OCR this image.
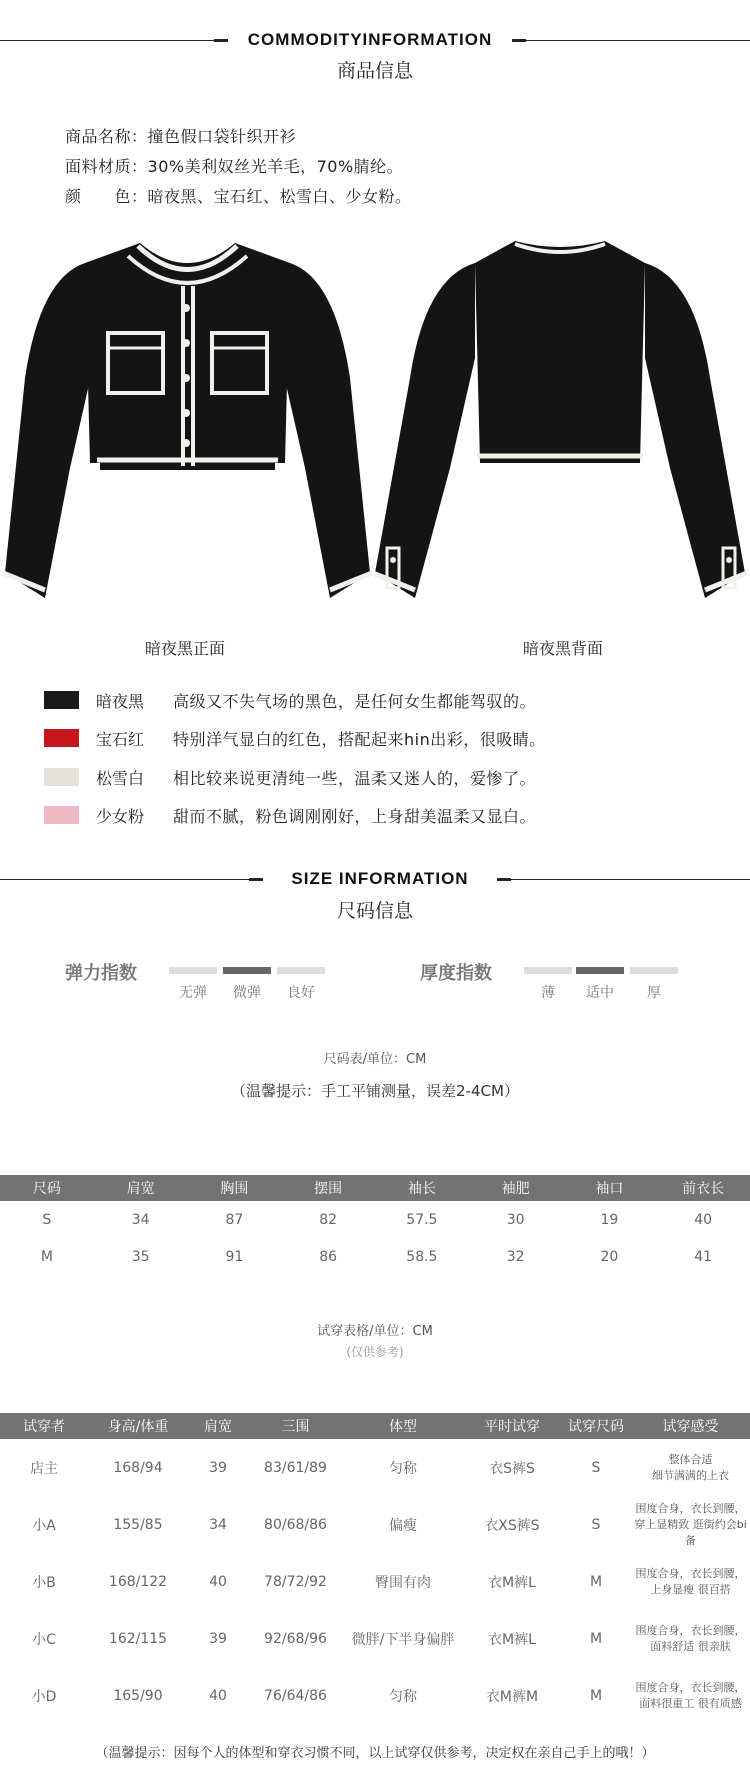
COMMODITYINFORMATION
商品信息
商品名称：撞色假口袋针织开衫
面料材质：30%美利奴丝光羊毛，70%腈纶。
颜　　色：暗夜黑、宝石红、松雪白、少女粉。
暗夜黑正面	暗夜黑背面
暗夜黑 高级又不失气场的黑色，是任何女生都能驾驭的。
宝石红 特别洋气显白的红色，搭配起来hin出彩，很吸睛。
松雪白 相比较来说更清纯一些，温柔又迷人的，爱惨了。
少女粉 甜而不腻，粉色调刚刚好，上身甜美温柔又显白。
SIZE INFORMATION
尺码信息
弹力指数
无弹	微弹	良好
厚度指数
薄	适中	厚
尺码表/单位：CM
（温馨提示：手工平铺测量，误差2-4CM）
尺码	肩宽	胸围	摆围	袖长	袖肥	袖口	前衣长
S	34	87	82	57.5	30	19	40
M	35	91	86	58.5	32	20	41
试穿表格/单位：CM
(仅供参考)
试穿者	身高/体重	肩宽	三围	体型	平时试穿	试穿尺码	试穿感受
店主	168/94	39	83/61/89	匀称	衣S裤S	S	整体合适
细节满满的上衣

小A	155/85	34	80/68/86	偏瘦	衣XS裤S	S	围度合身，衣长到腰，
穿上显精致 逛街约会bi备

小B	168/122	40	78/72/92	臀围有肉	衣M裤L	M	围度合身，衣长到腰，
上身显瘦 很百搭

小C	162/115	39	92/68/96	微胖/下半身偏胖	衣M裤L	M	围度合身，衣长到腰，
面料舒适 很亲肤

小D	165/90	40	76/64/86	匀称	衣M裤M	M	围度合身，衣长到腰，
面料很重工 很有质感
（温馨提示：因每个人的体型和穿衣习惯不同，以上试穿仅供参考，决定权在亲自己手上的哦！）
